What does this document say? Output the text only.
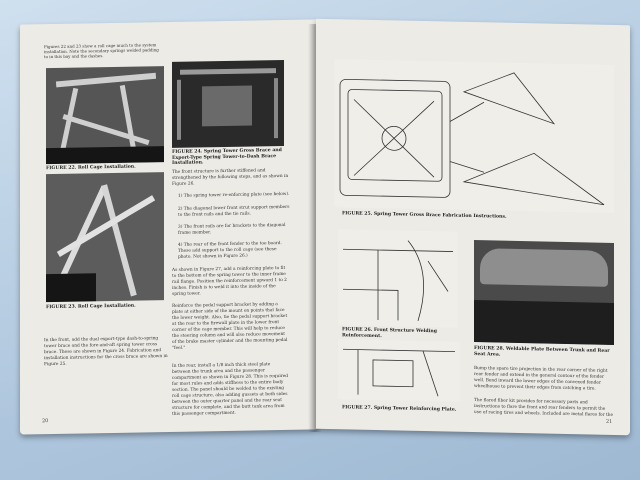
Figures 22 and 23 show a roll cage much to the system installation. Note the secondary springs welded padding to in this bay and the dashes.
FIGURE 22. Roll Cage Installation.
FIGURE 23. Roll Cage Installation.
In the front, add the dual export-type dash-to-spring tower brace and the fore-and-aft spring tower cross brace. These are shown in Figure 24. Fabrication and installation instructions for the cross brace are shown in Figure 25.
FIGURE 24. Spring Tower Gross Brace and Export-Type Spring Tower-to-Dash Brace Installation.
The front structure is further stiffened and strengthened by the following steps, and as shown in Figure 26.
1) The spring tower re-enforcing plate (see below).
2) The diagonal lower front strut support members to the front rails and the tie rails.
3) The front rails are for brackets to the diagonal frame member.
4) The rear of the front fender to the toe board. These add support to the roll cage (see these photo. Not shown in Figure 26.)
As shown in Figure 27, add a reinforcing plate to fit to the bottom of the spring tower to the inner frame rail flange. Position the reinforcement upward 1 to 2 inches. Finish is to weld it into the inside of the spring tower.
Reinforce the pedal support bracket by adding a plate at either side of the mount on points that face the lower weight. Also, tie the pedal support bracket at the rear to the firewall plate in the lower front corner of the cage member. This will help to reduce the steering column and will also reduce movement of the brake master cylinder and the mounting pedal "feel."
In the rear, install a 1/8 inch thick steel plate between the trunk area and the passenger compartment as shown in Figure 28. This is required for most rules and adds stiffness to the entire body section. The panel should be welded to the existing roll cage structure, also adding gussets at both sides between the outer quarter panel and the rear seat structure for complete, and the butt tank area from this passenger compartment.
20
FIGURE 25. Spring Tower Gross Brace Fabrication Instructions.
FIGURE 26. Front Structure Welding Reinforcement.
FIGURE 27. Spring Tower Reinforcing Plate.
FIGURE 28. Weldable Plate Between Trunk and Rear Seat Area.
Bump the spare tire projection in the rear corner of the right rear fender and extend in the general contour of the fender well. Bend inward the lower edges of the convexed fender wheelhouse to prevent their edges from catching a tire.
The flared fiber kit provides for necessary parts and instructions to flare the front and rear fenders to permit the use of racing tires and wheels. Included are metal flares for the
21
